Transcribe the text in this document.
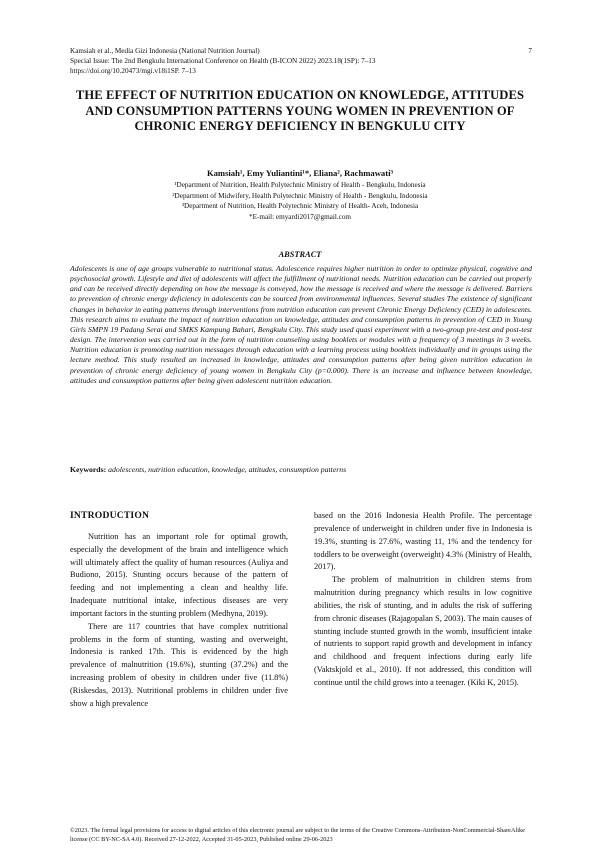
Kamsiah et al., Media Gizi Indonesia (National Nutrition Journal)
Special Issue: The 2nd Bengkulu International Conference on Health (B-ICON 2022) 2023.18(1SP): 7–13
https://doi.org/10.20473/mgi.v18i1SP. 7–13
7
THE EFFECT OF NUTRITION EDUCATION ON KNOWLEDGE, ATTITUDES AND CONSUMPTION PATTERNS YOUNG WOMEN IN PREVENTION OF CHRONIC ENERGY DEFICIENCY IN BENGKULU CITY
Kamsiah¹, Emy Yuliantini¹*, Eliana², Rachmawati³
¹Department of Nutrition, Health Polytechnic Ministry of Health - Bengkulu, Indonesia
²Department of Midwifery, Health Polytechnic Ministry of Health - Bengkulu, Indonesia
³Department of Nutrition, Health Polytechnic Ministry of Health- Aceh, Indonesia
*E-mail: emyardi2017@gmail.com
ABSTRACT
Adolescents is one of age groups vulnerable to nutritional status. Adolescence requires higher nutrition in order to optimize physical, cognitive and psychosocial growth. Lifestyle and diet of adolescents will affect the fulfillment of nutritional needs. Nutrition education can be carried out properly and can be received directly depending on how the message is conveyed, how the message is received and where the message is delivered. Barriers to prevention of chronic energy deficiency in adolescents can be sourced from environmental influences. Several studies The existence of significant changes in behavior in eating patterns through interventions from nutrition education can prevent Chronic Energy Deficiency (CED) in adolescents. This research aims to evaluate the impact of nutrition education on knowledge, attitudes and consumption patterns in prevention of CED in Young Girls SMPN 19 Padang Serai and SMKS Kampung Bahari, Bengkulu City. This study used quasi experiment with a two-group pre-test and post-test design. The intervention was carried out in the form of nutrition counseling using booklets or modules with a frequency of 3 meetings in 3 weeks. Nutrition education is promoting nutrition messages through education with a learning process using booklets individually and in groups using the lecture method. This study resulted an increased in knowledge, attitudes and consumption patterns after being given nutrition education in prevention of chronic energy deficiency of young women in Bengkulu City (p=0.000). There is an increase and influence between knowledge, attitudes and consumption patterns after being given adolescent nutrition education.
Keywords: adolescents, nutrition education, knowledge, attitudes, consumption patterns
INTRODUCTION

Nutrition has an important role for optimal growth, especially the development of the brain and intelligence which will ultimately affect the quality of human resources (Auliya and Budiono, 2015). Stunting occurs because of the pattern of feeding and not implementing a clean and healthy life. Inadequate nutritional intake, infectious diseases are very important factors in the stunting problem (Medhyna, 2019).

There are 117 countries that have complex nutritional problems in the form of stunting, wasting and overweight, Indonesia is ranked 17th. This is evidenced by the high prevalence of malnutrition (19.6%), stunting (37.2%) and the increasing problem of obesity in children under five (11.8%) (Riskesdas, 2013). Nutritional problems in children under five show a high prevalence

based on the 2016 Indonesia Health Profile. The percentage prevalence of underweight in children under five in Indonesia is 19.3%, stunting is 27.6%, wasting 11, 1% and the tendency for toddlers to be overweight (overweight) 4.3% (Ministry of Health, 2017).

The problem of malnutrition in children stems from malnutrition during pregnancy which results in low cognitive abilities, the risk of stunting, and in adults the risk of suffering from chronic diseases (Rajagopalan S, 2003). The main causes of stunting include stunted growth in the womb, insufficient intake of nutrients to support rapid growth and development in infancy and childhood and frequent infections during early life (Vaktskjold et al., 2010). If not addressed, this condition will continue until the child grows into a teenager. (Kiki K, 2015).

©2023. The formal legal provisions for access to digital articles of this electronic journal are subject to the terms of the Creative Commons-Attribution-NonCommercial-ShareAlike license (CC BY-NC-SA 4.0). Received 27-12-2022, Accepted 31-05-2023, Published online 29-06-2023
